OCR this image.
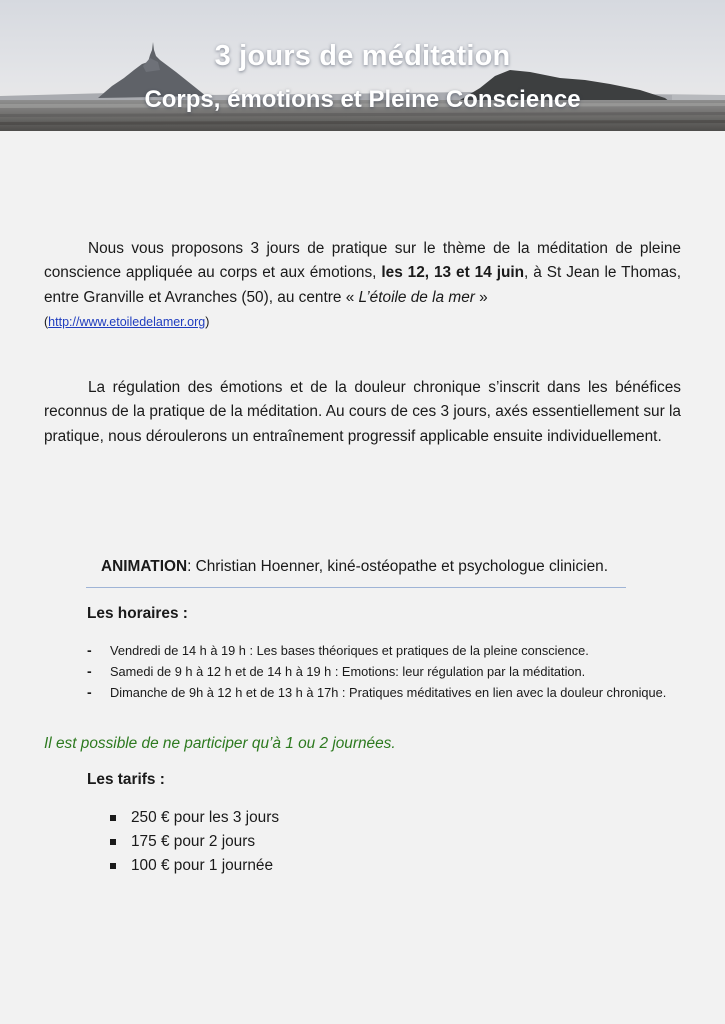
3 jours de méditation
Corps, émotions et Pleine Conscience

Nous vous proposons 3 jours de pratique sur le thème de la méditation de pleine conscience appliquée au corps et aux émotions, les 12, 13 et 14 juin, à St Jean le Thomas, entre Granville et Avranches (50), au centre « L’étoile de la mer »
(http://www.etoiledelamer.org)

La régulation des émotions et de la douleur chronique s’inscrit dans les bénéfices reconnus de la pratique de la méditation. Au cours de ces 3 jours, axés essentiellement sur la pratique, nous déroulerons un entraînement progressif applicable ensuite individuellement.

ANIMATION: Christian Hoenner, kiné-ostéopathe et psychologue clinicien.

Les horaires :

- Vendredi de 14 h à 19 h : Les bases théoriques et pratiques de la pleine conscience.
- Samedi de 9 h à 12 h et de 14 h à 19 h : Emotions: leur régulation par la méditation.
- Dimanche de 9h à 12 h et de 13 h à 17h : Pratiques méditatives en lien avec la douleur chronique.

Il est possible de ne participer qu’à 1 ou 2 journées.

Les tarifs :

250 € pour les 3 jours
175 € pour 2 jours
100 € pour 1 journée
